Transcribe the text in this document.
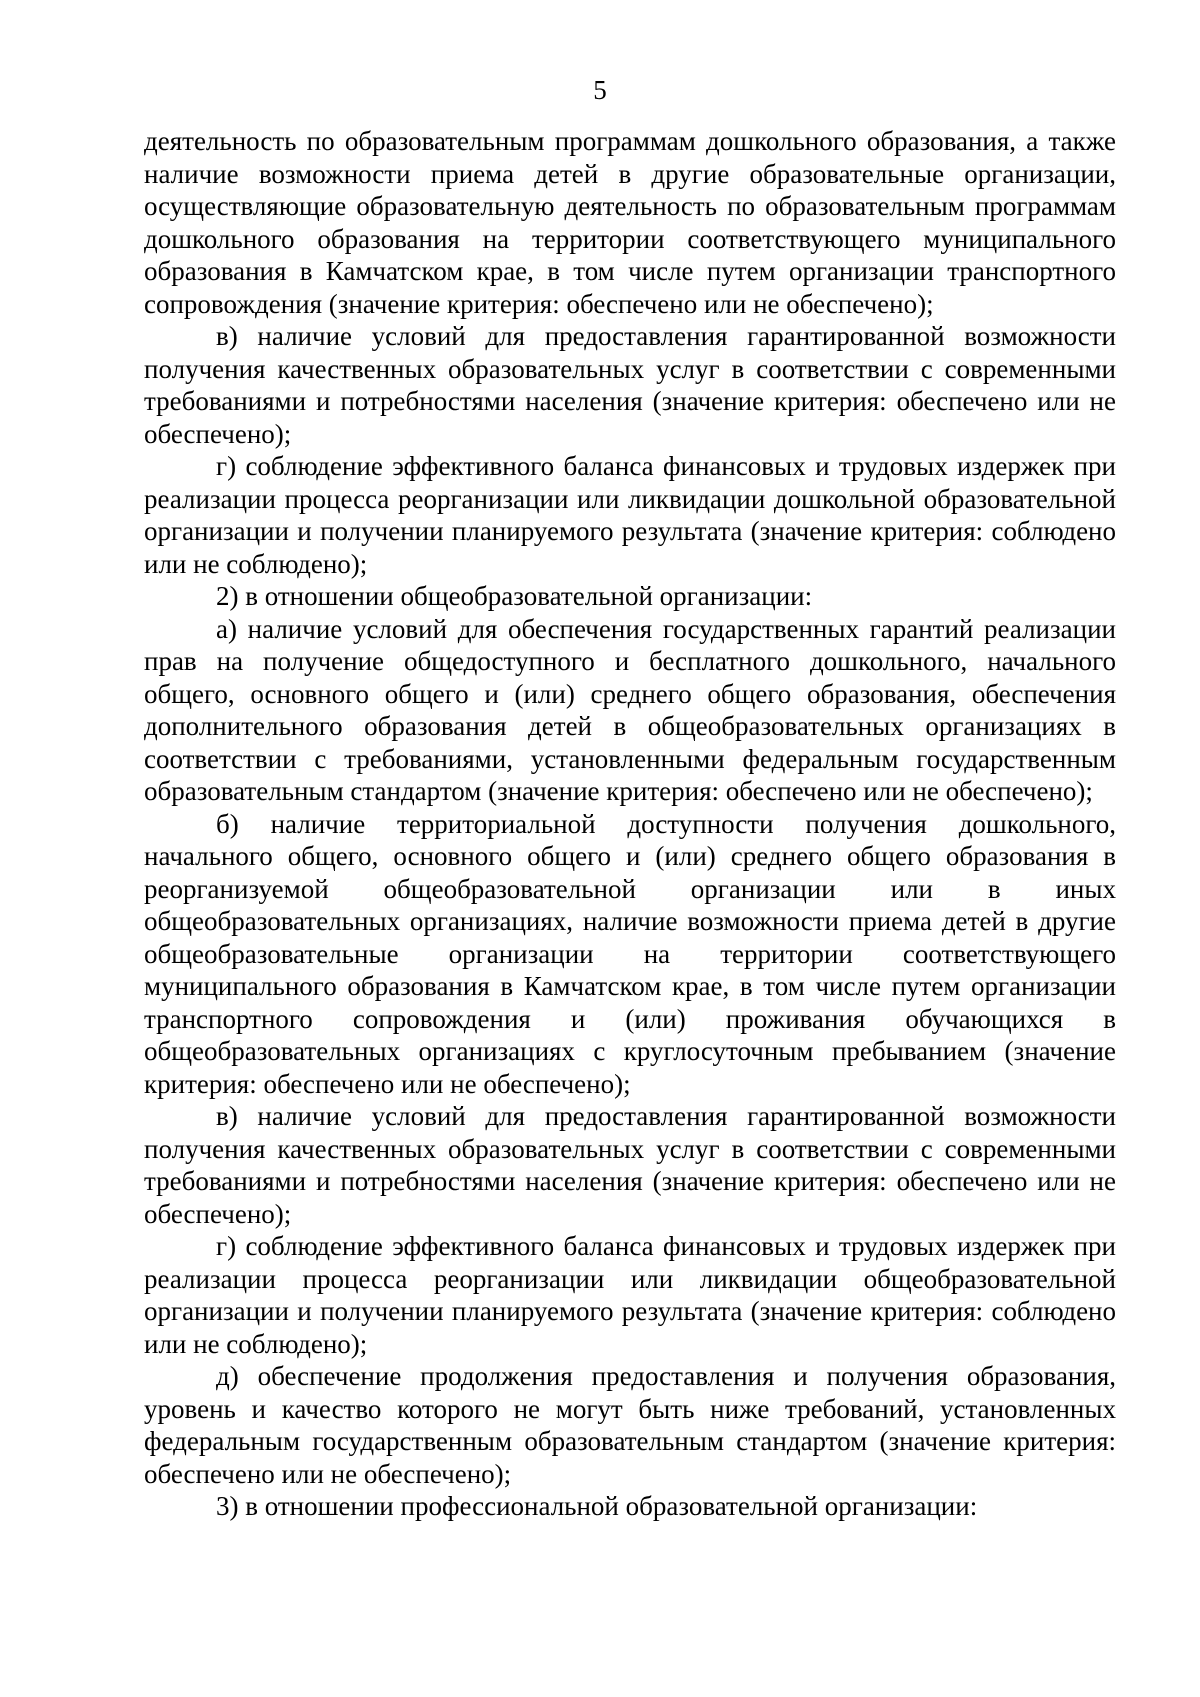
5

деятельность по образовательным программам дошкольного образования, а также наличие возможности приема детей в другие образовательные организации, осуществляющие образовательную деятельность по образовательным программам дошкольного образования на территории соответствующего муниципального образования в Камчатском крае, в том числе путем организации транспортного сопровождения (значение критерия: обеспечено или не обеспечено);

в) наличие условий для предоставления гарантированной возможности получения качественных образовательных услуг в соответствии с современными требованиями и потребностями населения (значение критерия: обеспечено или не обеспечено);

г) соблюдение эффективного баланса финансовых и трудовых издержек при реализации процесса реорганизации или ликвидации дошкольной образовательной организации и получении планируемого результата (значение критерия: соблюдено или не соблюдено);

2) в отношении общеобразовательной организации:

а) наличие условий для обеспечения государственных гарантий реализации прав на получение общедоступного и бесплатного дошкольного, начального общего, основного общего и (или) среднего общего образования, обеспечения дополнительного образования детей в общеобразовательных организациях в соответствии с требованиями, установленными федеральным государственным образовательным стандартом (значение критерия: обеспечено или не обеспечено);

б) наличие территориальной доступности получения дошкольного, начального общего, основного общего и (или) среднего общего образования в реорганизуемой общеобразовательной организации или в иных общеобразовательных организациях, наличие возможности приема детей в другие общеобразовательные организации на территории соответствующего муниципального образования в Камчатском крае, в том числе путем организации транспортного сопровождения и (или) проживания обучающихся в общеобразовательных организациях с круглосуточным пребыванием (значение критерия: обеспечено или не обеспечено);

в) наличие условий для предоставления гарантированной возможности получения качественных образовательных услуг в соответствии с современными требованиями и потребностями населения (значение критерия: обеспечено или не обеспечено);

г) соблюдение эффективного баланса финансовых и трудовых издержек при реализации процесса реорганизации или ликвидации общеобразовательной организации и получении планируемого результата (значение критерия: соблюдено или не соблюдено);

д) обеспечение продолжения предоставления и получения образования, уровень и качество которого не могут быть ниже требований, установленных федеральным государственным образовательным стандартом (значение критерия: обеспечено или не обеспечено);

3) в отношении профессиональной образовательной организации:
